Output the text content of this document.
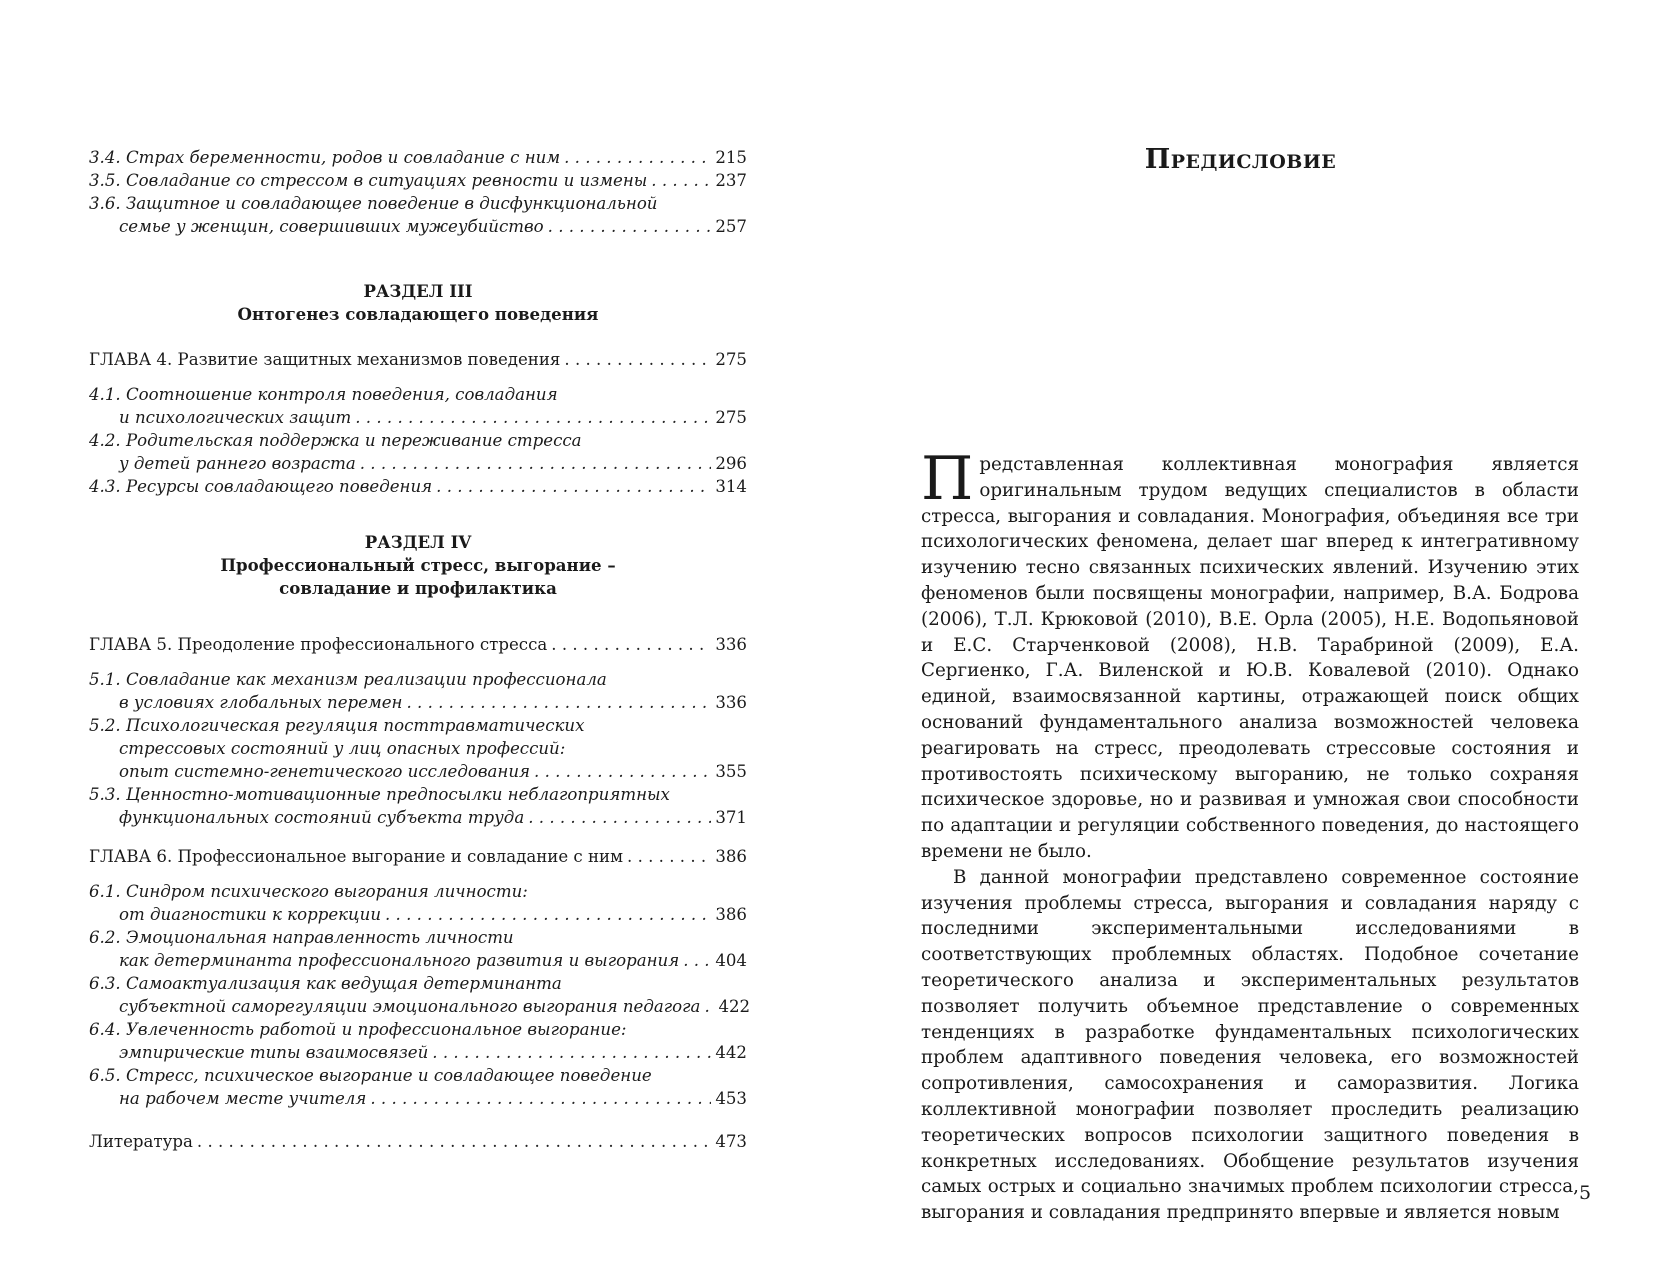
3.4. Страх беременности, родов и совладание с ним . . .	215
3.5. Совладание со стрессом в ситуациях ревности и измены . . .	237
3.6. Защитное и совладающее поведение в дисфункциональной
семье у женщин, совершивших мужеубийство . . .	257
РАЗДЕЛ III
Онтогенез совладающего поведения
ГЛАВА 4. Развитие защитных механизмов поведения . . .	275
4.1. Соотношение контроля поведения, совладания
и психологических защит . . .	275
4.2. Родительская поддержка и переживание стресса
у детей раннего возраста . . .	296
4.3. Ресурсы совладающего поведения . . .	314
РАЗДЕЛ IV
Профессиональный стресс, выгорание –
совладание и профилактика
ГЛАВА 5. Преодоление профессионального стресса . . .	336
5.1. Совладание как механизм реализации профессионала
в условиях глобальных перемен . . .	336
5.2. Психологическая регуляция посттравматических
стрессовых состояний у лиц опасных профессий:
опыт системно-генетического исследования . . .	355
5.3. Ценностно-мотивационные предпосылки неблагоприятных
функциональных состояний субъекта труда . . .	371
ГЛАВА 6. Профессиональное выгорание и совладание с ним . . .	386
6.1. Синдром психического выгорания личности:
от диагностики к коррекции . . .	386
6.2. Эмоциональная направленность личности
как детерминанта профессионального развития и выгорания . . . 404
6.3. Самоактуализация как ведущая детерминанта
субъектной саморегуляции эмоционального выгорания педагога . . . 422
6.4. Увлеченность работой и профессиональное выгорание:
эмпирические типы взаимосвязей . . .	442
6.5. Стресс, психическое выгорание и совладающее поведение
на рабочем месте учителя . . .	453
Литература . . .	473
Предисловие

Представленная коллективная монография является оригинальным трудом ведущих специалистов в области стресса, выгорания и совладания. Монография, объединяя все три психологических феномена, делает шаг вперед к интегративному изучению тесно связанных психических явлений. Изучению этих феноменов были посвящены монографии, например, В.А. Бодрова (2006), Т.Л. Крюковой (2010), В.Е. Орла (2005), Н.Е. Водопьяновой и Е.С. Старченковой (2008), Н.В. Тарабриной (2009), Е.А. Сергиенко, Г.А. Виленской и Ю.В. Ковалевой (2010). Однако единой, взаимосвязанной картины, отражающей поиск общих оснований фундаментального анализа возможностей человека реагировать на стресс, преодолевать стрессовые состояния и противостоять психическому выгоранию, не только сохраняя психическое здоровье, но и развивая и умножая свои способности по адаптации и регуляции собственного поведения, до настоящего времени не было.

В данной монографии представлено современное состояние изучения проблемы стресса, выгорания и совладания наряду с последними экспериментальными исследованиями в соответствующих проблемных областях. Подобное сочетание теоретического анализа и экспериментальных результатов позволяет получить объемное представление о современных тенденциях в разработке фундаментальных психологических проблем адаптивного поведения человека, его возможностей сопротивления, самосохранения и саморазвития. Логика коллективной монографии позволяет проследить реализацию теоретических вопросов психологии защитного поведения в конкретных исследованиях. Обобщение результатов изучения самых острых и социально значимых проблем психологии стресса, выгорания и совладания предпринято впервые и является новым

5
